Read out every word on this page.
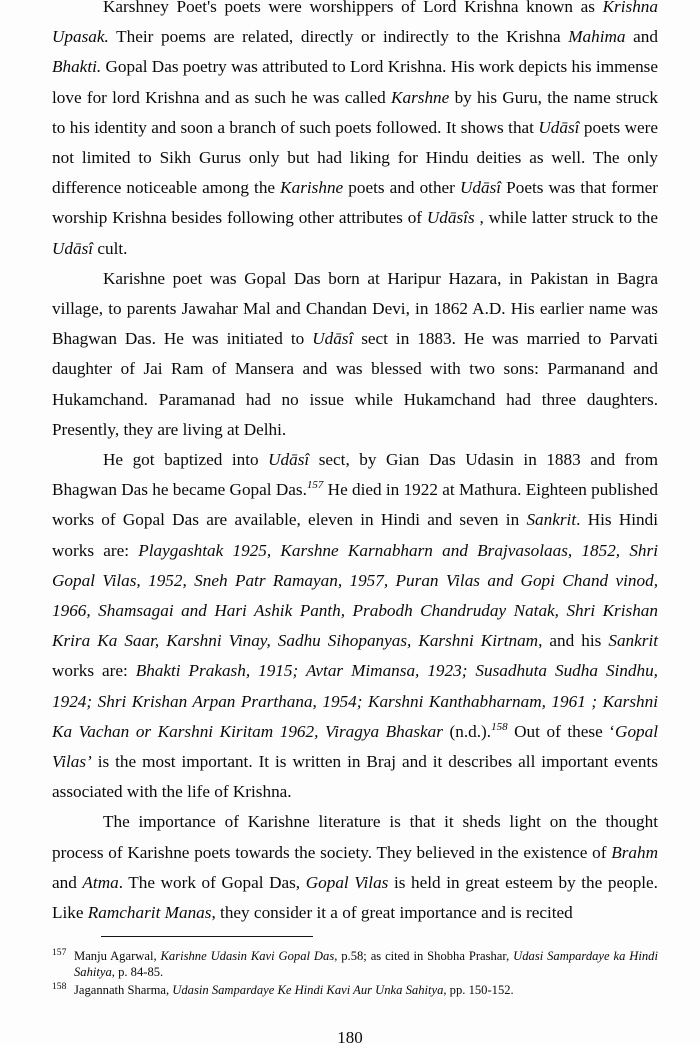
Karshney Poet's poets were worshippers of Lord Krishna known as Krishna Upasak. Their poems are related, directly or indirectly to the Krishna Mahima and Bhakti. Gopal Das poetry was attributed to Lord Krishna. His work depicts his immense love for lord Krishna and as such he was called Karshne by his Guru, the name struck to his identity and soon a branch of such poets followed. It shows that Udāsî poets were not limited to Sikh Gurus only but had liking for Hindu deities as well. The only difference noticeable among the Karishne poets and other Udāsî Poets was that former worship Krishna besides following other attributes of Udāsîs , while latter struck to the Udāsî cult.

Karishne poet was Gopal Das born at Haripur Hazara, in Pakistan in Bagra village, to parents Jawahar Mal and Chandan Devi, in 1862 A.D. His earlier name was Bhagwan Das. He was initiated to Udāsî sect in 1883. He was married to Parvati daughter of Jai Ram of Mansera and was blessed with two sons: Parmanand and Hukamchand. Paramanad had no issue while Hukamchand had three daughters. Presently, they are living at Delhi.

He got baptized into Udāsî sect, by Gian Das Udasin in 1883 and from Bhagwan Das he became Gopal Das.$^{157}$ He died in 1922 at Mathura. Eighteen published works of Gopal Das are available, eleven in Hindi and seven in Sankrit. His Hindi works are: Playgashtak 1925, Karshne Karnabharn and Brajvasolaas, 1852, Shri Gopal Vilas, 1952, Sneh Patr Ramayan, 1957, Puran Vilas and Gopi Chand vinod, 1966, Shamsagai and Hari Ashik Panth, Prabodh Chandruday Natak, Shri Krishan Krira Ka Saar, Karshni Vinay, Sadhu Sihopanyas, Karshni Kirtnam, and his Sankrit works are: Bhakti Prakash, 1915; Avtar Mimansa, 1923; Susadhuta Sudha Sindhu, 1924; Shri Krishan Arpan Prarthana, 1954; Karshni Kanthabharnam, 1961 ; Karshni Ka Vachan or Karshni Kiritam 1962, Viragya Bhaskar (n.d.).$^{158}$ Out of these ‘Gopal Vilas’ is the most important. It is written in Braj and it describes all important events associated with the life of Krishna.

The importance of Karishne literature is that it sheds light on the thought process of Karishne poets towards the society. They believed in the existence of Brahm and Atma. The work of Gopal Das, Gopal Vilas is held in great esteem by the people. Like Ramcharit Manas, they consider it a of great importance and is recited

157 Manju Agarwal, Karishne Udasin Kavi Gopal Das, p.58; as cited in Shobha Prashar, Udasi Sampardaye ka Hindi Sahitya, p. 84-85.
158 Jagannath Sharma, Udasin Sampardaye Ke Hindi Kavi Aur Unka Sahitya, pp. 150-152.
180
